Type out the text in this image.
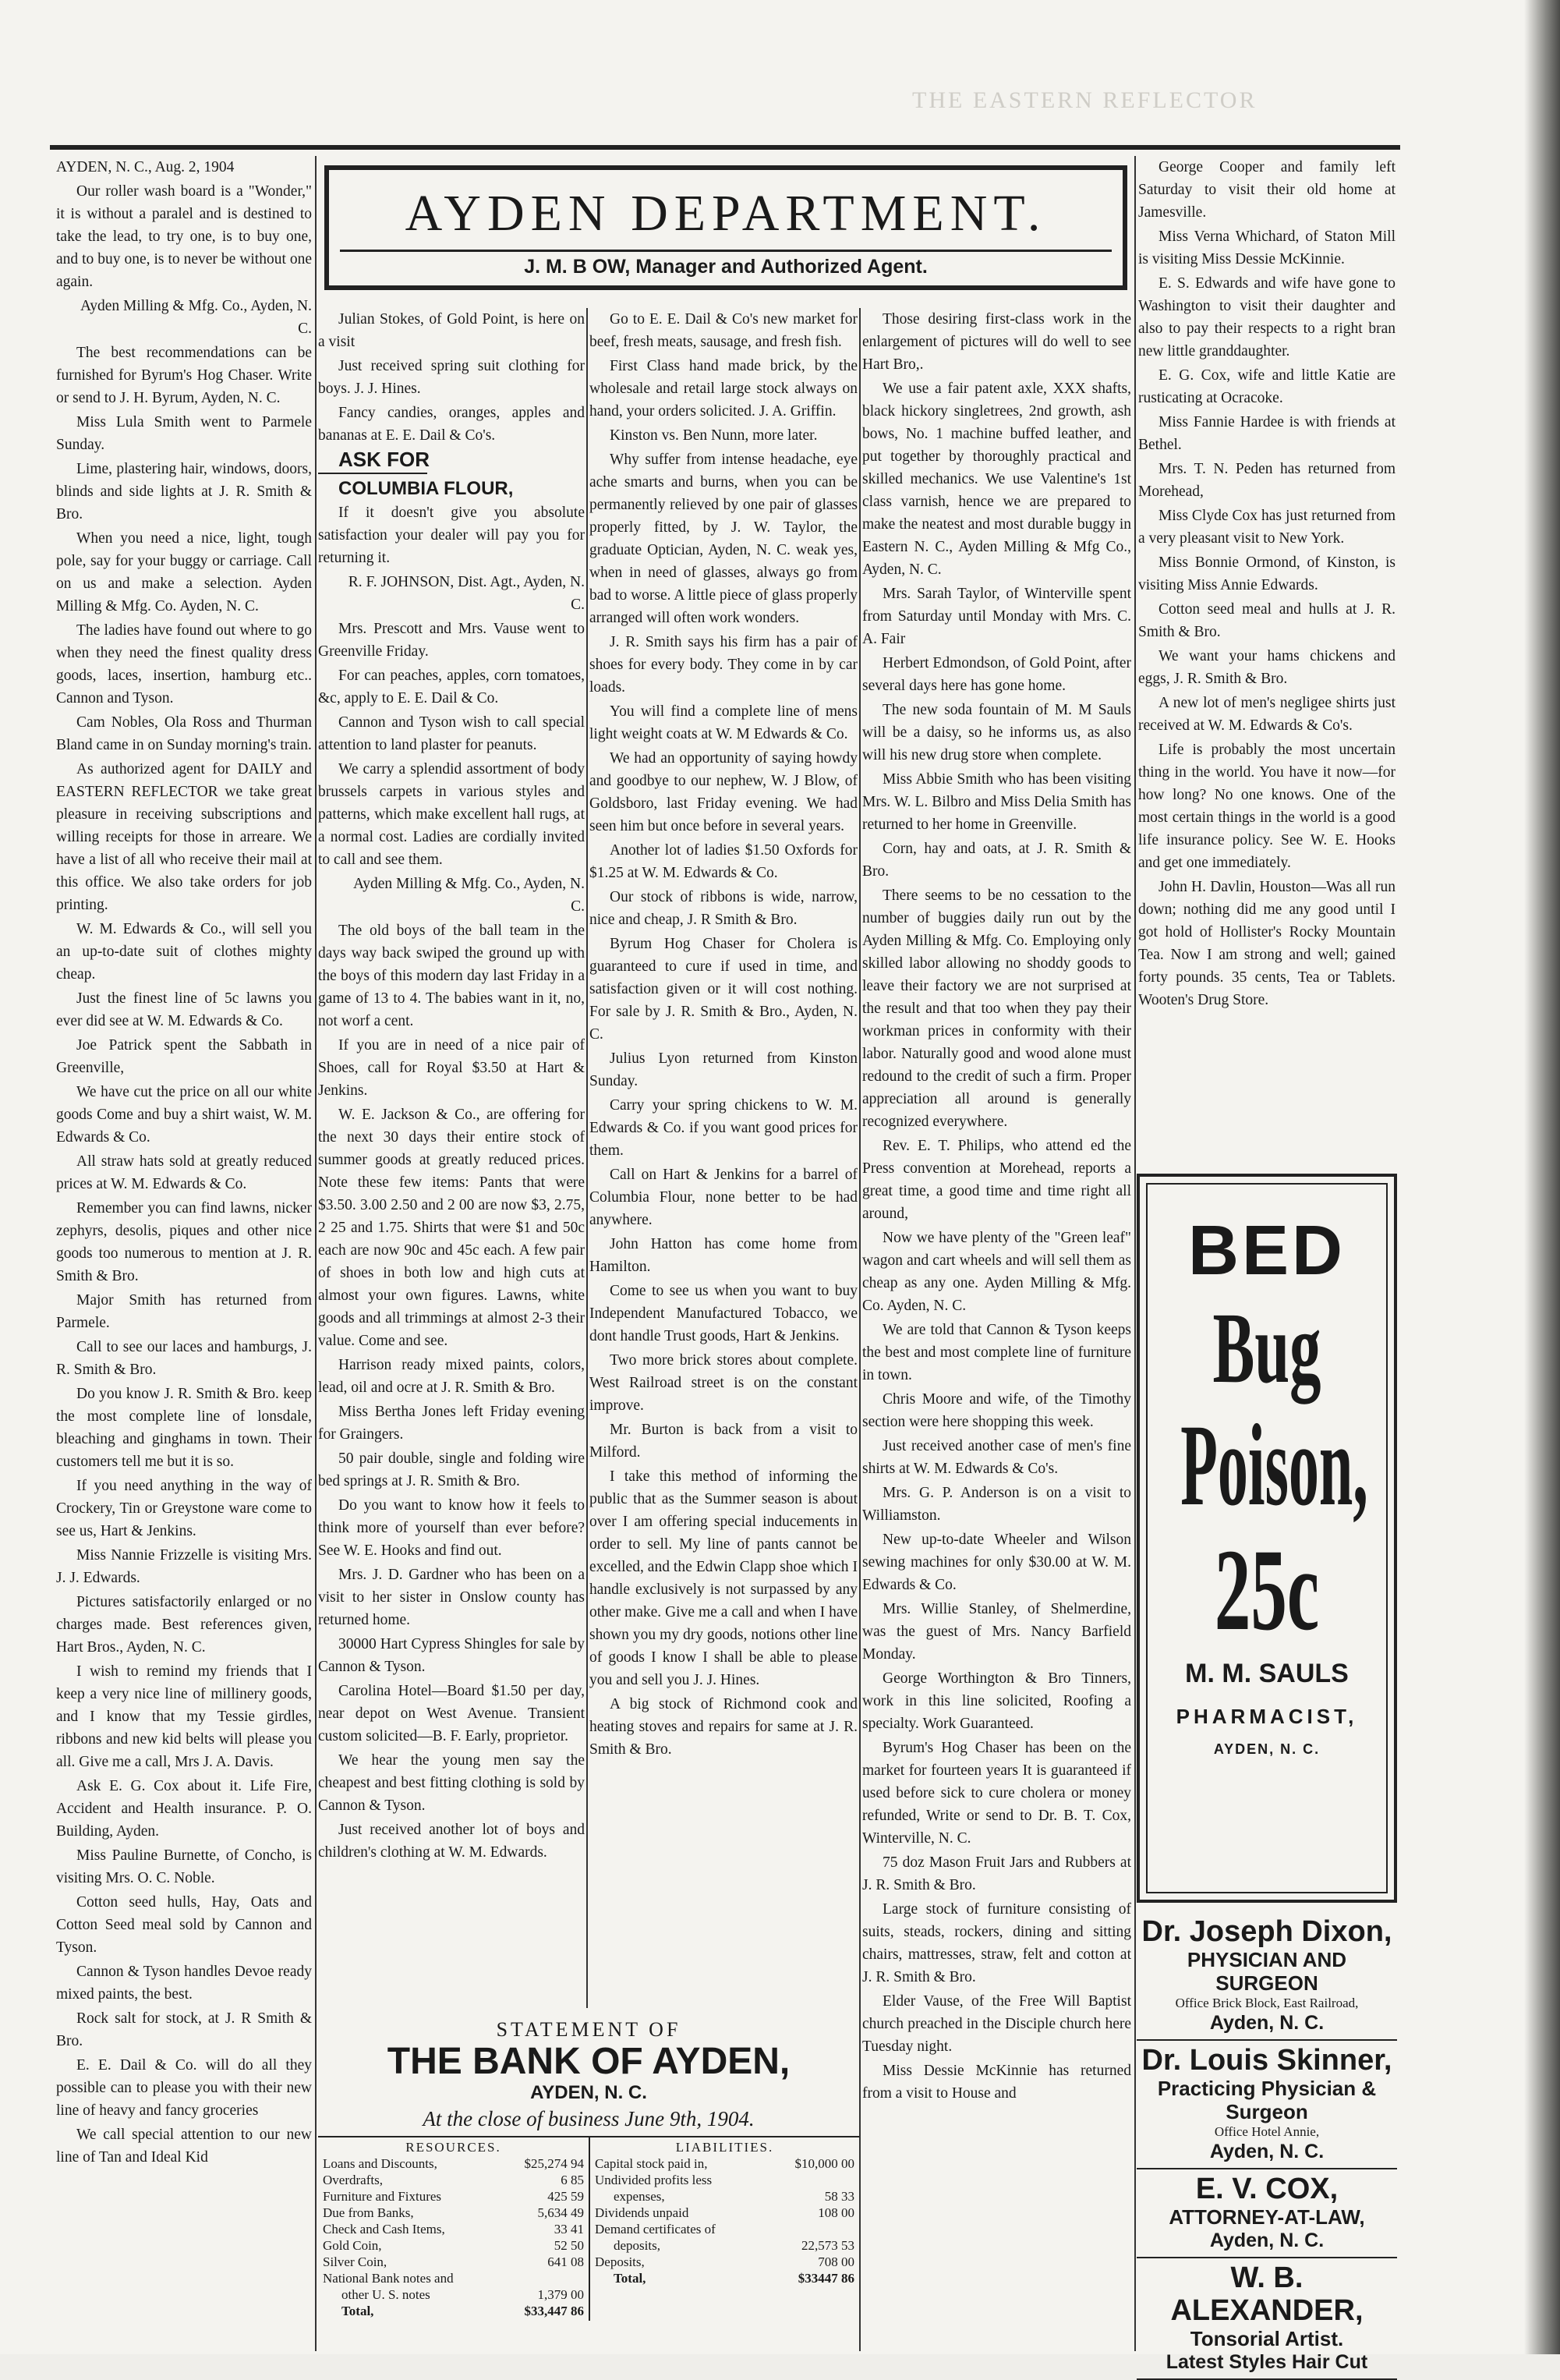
THE EASTERN REFLECTOR
AYDEN DEPARTMENT.
J. M. B OW, Manager and Authorized Agent.

AYDEN, N. C., Aug. 2, 1904

Our roller wash board is a "Wonder," it is without a paralel and is destined to take the lead, to try one, is to buy one, and to buy one, is to never be without one again.

Ayden Milling & Mfg. Co., Ayden, N. C.

The best recommendations can be furnished for Byrum's Hog Chaser. Write or send to J. H. Byrum, Ayden, N. C.

Miss Lula Smith went to Parmele Sunday.

Lime, plastering hair, windows, doors, blinds and side lights at J. R. Smith & Bro.

When you need a nice, light, tough pole, say for your buggy or carriage. Call on us and make a selection. Ayden Milling & Mfg. Co. Ayden, N. C.

The ladies have found out where to go when they need the finest quality dress goods, laces, insertion, hamburg etc.. Cannon and Tyson.

Cam Nobles, Ola Ross and Thurman Bland came in on Sunday morning's train.

As authorized agent for DAILY and EASTERN REFLECTOR we take great pleasure in receiving subscriptions and willing receipts for those in arreare. We have a list of all who receive their mail at this office. We also take orders for job printing.

W. M. Edwards & Co., will sell you an up-to-date suit of clothes mighty cheap.

Just the finest line of 5c lawns you ever did see at W. M. Edwards & Co.

Joe Patrick spent the Sabbath in Greenville,

We have cut the price on all our white goods Come and buy a shirt waist, W. M. Edwards & Co.

All straw hats sold at greatly reduced prices at W. M. Edwards & Co.

Remember you can find lawns, nicker zephyrs, desolis, piques and other nice goods too numerous to mention at J. R. Smith & Bro.

Major Smith has returned from Parmele.

Call to see our laces and hamburgs, J. R. Smith & Bro.

Do you know J. R. Smith & Bro. keep the most complete line of lonsdale, bleaching and ginghams in town. Their customers tell me but it is so.

If you need anything in the way of Crockery, Tin or Greystone ware come to see us, Hart & Jenkins.

Miss Nannie Frizzelle is visiting Mrs. J. J. Edwards.

Pictures satisfactorily enlarged or no charges made. Best references given, Hart Bros., Ayden, N. C.

I wish to remind my friends that I keep a very nice line of millinery goods, and I know that my Tessie girdles, ribbons and new kid belts will please you all. Give me a call, Mrs J. A. Davis.

Ask E. G. Cox about it. Life Fire, Accident and Health insurance. P. O. Building, Ayden.

Miss Pauline Burnette, of Concho, is visiting Mrs. O. C. Noble.

Cotton seed hulls, Hay, Oats and Cotton Seed meal sold by Cannon and Tyson.

Cannon & Tyson handles Devoe ready mixed paints, the best.

Rock salt for stock, at J. R Smith & Bro.

E. E. Dail & Co. will do all they possible can to please you with their new line of heavy and fancy groceries

We call special attention to our new line of Tan and Ideal Kid

Julian Stokes, of Gold Point, is here on a visit

Just received spring suit clothing for boys. J. J. Hines.

Fancy candies, oranges, apples and bananas at E. E. Dail & Co's.

ASK FOR

COLUMBIA FLOUR,

If it doesn't give you absolute satisfaction your dealer will pay you for returning it.

R. F. JOHNSON, Dist. Agt., Ayden, N. C.

Mrs. Prescott and Mrs. Vause went to Greenville Friday.

For can peaches, apples, corn tomatoes, &c, apply to E. E. Dail & Co.

Cannon and Tyson wish to call special attention to land plaster for peanuts.

We carry a splendid assortment of body brussels carpets in various styles and patterns, which make excellent hall rugs, at a normal cost. Ladies are cordially invited to call and see them.

Ayden Milling & Mfg. Co., Ayden, N. C.

The old boys of the ball team in the days way back swiped the ground up with the boys of this modern day last Friday in a game of 13 to 4. The babies want in it, no, not worf a cent.

If you are in need of a nice pair of Shoes, call for Royal $3.50 at Hart & Jenkins.

W. E. Jackson & Co., are offering for the next 30 days their entire stock of summer goods at greatly reduced prices. Note these few items: Pants that were $3.50. 3.00 2.50 and 2 00 are now $3, 2.75, 2 25 and 1.75. Shirts that were $1 and 50c each are now 90c and 45c each. A few pair of shoes in both low and high cuts at almost your own figures. Lawns, white goods and all trimmings at almost 2-3 their value. Come and see.

Harrison ready mixed paints, colors, lead, oil and ocre at J. R. Smith & Bro.

Miss Bertha Jones left Friday evening for Graingers.

50 pair double, single and folding wire bed springs at J. R. Smith & Bro.

Do you want to know how it feels to think more of yourself than ever before? See W. E. Hooks and find out.

Mrs. J. D. Gardner who has been on a visit to her sister in Onslow county has returned home.

30000 Hart Cypress Shingles for sale by Cannon & Tyson.

Carolina Hotel—Board $1.50 per day, near depot on West Avenue. Transient custom solicited—B. F. Early, proprietor.

We hear the young men say the cheapest and best fitting clothing is sold by Cannon & Tyson.

Just received another lot of boys and children's clothing at W. M. Edwards.

Go to E. E. Dail & Co's new market for beef, fresh meats, sausage, and fresh fish.

First Class hand made brick, by the wholesale and retail large stock always on hand, your orders solicited. J. A. Griffin.

Kinston vs. Ben Nunn, more later.

Why suffer from intense headache, eye ache smarts and burns, when you can be permanently relieved by one pair of glasses properly fitted, by J. W. Taylor, the graduate Optician, Ayden, N. C. weak yes, when in need of glasses, always go from bad to worse. A little piece of glass properly arranged will often work wonders.

J. R. Smith says his firm has a pair of shoes for every body. They come in by car loads.

You will find a complete line of mens light weight coats at W. M Edwards & Co.

We had an opportunity of saying howdy and goodbye to our nephew, W. J Blow, of Goldsboro, last Friday evening. We had seen him but once before in several years.

Another lot of ladies $1.50 Oxfords for $1.25 at W. M. Edwards & Co.

Our stock of ribbons is wide, narrow, nice and cheap, J. R Smith & Bro.

Byrum Hog Chaser for Cholera is guaranteed to cure if used in time, and satisfaction given or it will cost nothing. For sale by J. R. Smith & Bro., Ayden, N. C.

Julius Lyon returned from Kinston Sunday.

Carry your spring chickens to W. M. Edwards & Co. if you want good prices for them.

Call on Hart & Jenkins for a barrel of Columbia Flour, none better to be had anywhere.

John Hatton has come home from Hamilton.

Come to see us when you want to buy Independent Manufactured Tobacco, we dont handle Trust goods, Hart & Jenkins.

Two more brick stores about complete. West Railroad street is on the constant improve.

Mr. Burton is back from a visit to Milford.

I take this method of informing the public that as the Summer season is about over I am offering special inducements in order to sell. My line of pants cannot be excelled, and the Edwin Clapp shoe which I handle exclusively is not surpassed by any other make. Give me a call and when I have shown you my dry goods, notions other line of goods I know I shall be able to please you and sell you J. J. Hines.

A big stock of Richmond cook and heating stoves and repairs for same at J. R. Smith & Bro.

Those desiring first-class work in the enlargement of pictures will do well to see Hart Bro,.

We use a fair patent axle, XXX shafts, black hickory singletrees, 2nd growth, ash bows, No. 1 machine buffed leather, and put together by thoroughly practical and skilled mechanics. We use Valentine's 1st class varnish, hence we are prepared to make the neatest and most durable buggy in Eastern N. C., Ayden Milling & Mfg Co., Ayden, N. C.

Mrs. Sarah Taylor, of Winterville spent from Saturday until Monday with Mrs. C. A. Fair

Herbert Edmondson, of Gold Point, after several days here has gone home.

The new soda fountain of M. M Sauls will be a daisy, so he informs us, as also will his new drug store when complete.

Miss Abbie Smith who has been visiting Mrs. W. L. Bilbro and Miss Delia Smith has returned to her home in Greenville.

Corn, hay and oats, at J. R. Smith & Bro.

There seems to be no cessation to the number of buggies daily run out by the Ayden Milling & Mfg. Co. Employing only skilled labor allowing no shoddy goods to leave their factory we are not surprised at the result and that too when they pay their workman prices in conformity with their labor. Naturally good and wood alone must redound to the credit of such a firm. Proper appreciation all around is generally recognized everywhere.

Rev. E. T. Philips, who attend ed the Press convention at Morehead, reports a great time, a good time and time right all around,

Now we have plenty of the "Green leaf" wagon and cart wheels and will sell them as cheap as any one. Ayden Milling & Mfg. Co. Ayden, N. C.

We are told that Cannon & Tyson keeps the best and most complete line of furniture in town.

Chris Moore and wife, of the Timothy section were here shopping this week.

Just received another case of men's fine shirts at W. M. Edwards & Co's.

Mrs. G. P. Anderson is on a visit to Williamston.

New up-to-date Wheeler and Wilson sewing machines for only $30.00 at W. M. Edwards & Co.

Mrs. Willie Stanley, of Shelmerdine, was the guest of Mrs. Nancy Barfield Monday.

George Worthington & Bro Tinners, work in this line solicited, Roofing a specialty. Work Guaranteed.

Byrum's Hog Chaser has been on the market for fourteen years It is guaranteed if used before sick to cure cholera or money refunded, Write or send to Dr. B. T. Cox, Winterville, N. C.

75 doz Mason Fruit Jars and Rubbers at J. R. Smith & Bro.

Large stock of furniture consisting of suits, steads, rockers, dining and sitting chairs, mattresses, straw, felt and cotton at J. R. Smith & Bro.

Elder Vause, of the Free Will Baptist church preached in the Disciple church here Tuesday night.

Miss Dessie McKinnie has returned from a visit to House and

George Cooper and family left Saturday to visit their old home at Jamesville.

Miss Verna Whichard, of Staton Mill is visiting Miss Dessie McKinnie.

E. S. Edwards and wife have gone to Washington to visit their daughter and also to pay their respects to a right bran new little granddaughter.

E. G. Cox, wife and little Katie are rusticating at Ocracoke.

Miss Fannie Hardee is with friends at Bethel.

Mrs. T. N. Peden has returned from Morehead,

Miss Clyde Cox has just returned from a very pleasant visit to New York.

Miss Bonnie Ormond, of Kinston, is visiting Miss Annie Edwards.

Cotton seed meal and hulls at J. R. Smith & Bro.

We want your hams chickens and eggs, J. R. Smith & Bro.

A new lot of men's negligee shirts just received at W. M. Edwards & Co's.

Life is probably the most uncertain thing in the world. You have it now—for how long? No one knows. One of the most certain things in the world is a good life insurance policy. See W. E. Hooks and get one immediately.

John H. Davlin, Houston—Was all run down; nothing did me any good until I got hold of Hollister's Rocky Mountain Tea. Now I am strong and well; gained forty pounds. 35 cents, Tea or Tablets. Wooten's Drug Store.

BED
Bug
Poison,
25c
M. M. SAULS
PHARMACIST,
AYDEN, N. C.
Dr. Joseph Dixon,
PHYSICIAN AND SURGEON
Office Brick Block, East Railroad,
Ayden, N. C.
Dr. Louis Skinner,
Practicing Physician & Surgeon
Office Hotel Annie,
Ayden, N. C.
E. V. COX,
ATTORNEY-AT-LAW,
Ayden, N. C.
W. B. ALEXANDER,
Tonsorial Artist.
Latest Styles Hair Cut
STATEMENT OF
THE BANK OF AYDEN,
AYDEN, N. C.
At the close of business June 9th, 1904.
RESOURCES.
Loans and Discounts,	$25,274 94
Overdrafts,	6 85
Furniture and Fixtures	425 59
Due from Banks,	5,634 49
Check and Cash Items,	33 41
Gold Coin,	52 50
Silver Coin,	641 08
National Bank notes and
other U. S. notes	1,379 00
Total,	$33,447 86
LIABILITIES.
Capital stock paid in,	$10,000 00
Undivided profits less
expenses,	58 33
Dividends unpaid	108 00
Demand certificates of
deposits,	22,573 53
Deposits,	708 00
Total,	$33447 86
